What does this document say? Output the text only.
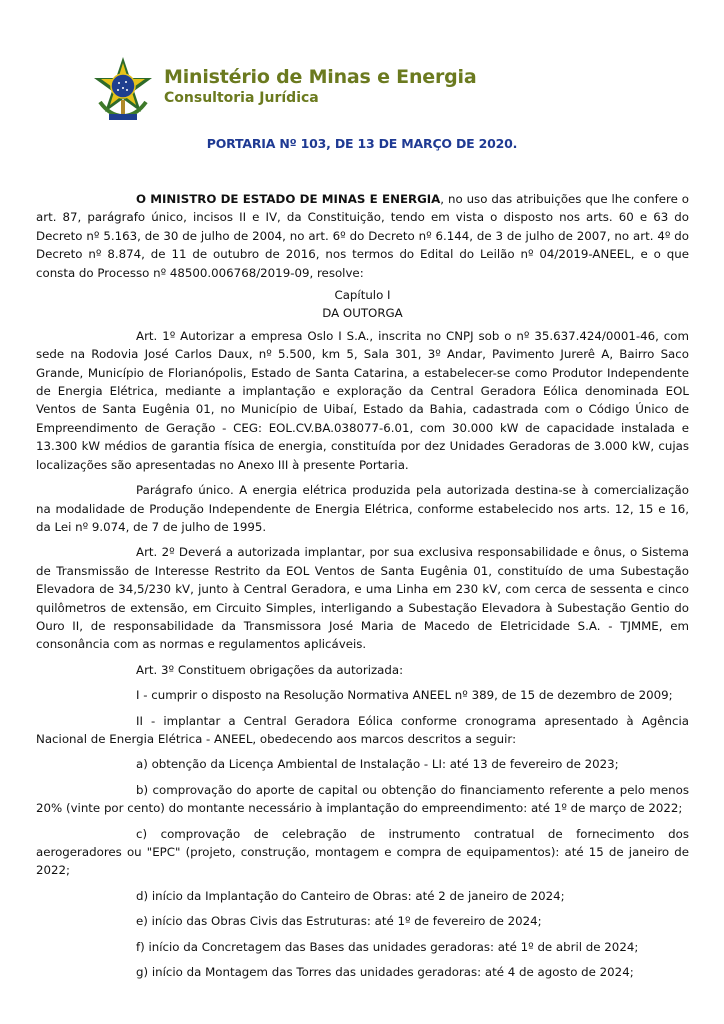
Ministério de Minas e Energia
Consultoria Jurídica
PORTARIA Nº 103, DE 13 DE MARÇO DE 2020.

O MINISTRO DE ESTADO DE MINAS E ENERGIA, no uso das atribuições que lhe confere o art. 87, parágrafo único, incisos II e IV, da Constituição, tendo em vista o disposto nos arts. 60 e 63 do Decreto nº 5.163, de 30 de julho de 2004, no art. 6º do Decreto nº 6.144, de 3 de julho de 2007, no art. 4º do Decreto nº 8.874, de 11 de outubro de 2016, nos termos do Edital do Leilão nº 04/2019-ANEEL, e o que consta do Processo nº 48500.006768/2019-09, resolve:

Capítulo I

DA OUTORGA

Art. 1º Autorizar a empresa Oslo I S.A., inscrita no CNPJ sob o nº 35.637.424/0001-46, com sede na Rodovia José Carlos Daux, nº 5.500, km 5, Sala 301, 3º Andar, Pavimento Jurerê A, Bairro Saco Grande, Município de Florianópolis, Estado de Santa Catarina, a estabelecer-se como Produtor Independente de Energia Elétrica, mediante a implantação e exploração da Central Geradora Eólica denominada EOL Ventos de Santa Eugênia 01, no Município de Uibaí, Estado da Bahia, cadastrada com o Código Único de Empreendimento de Geração - CEG: EOL.CV.BA.038077-6.01, com 30.000 kW de capacidade instalada e 13.300 kW médios de garantia física de energia, constituída por dez Unidades Geradoras de 3.000 kW, cujas localizações são apresentadas no Anexo III à presente Portaria.

Parágrafo único. A energia elétrica produzida pela autorizada destina-se à comercialização na modalidade de Produção Independente de Energia Elétrica, conforme estabelecido nos arts. 12, 15 e 16, da Lei nº 9.074, de 7 de julho de 1995.

Art. 2º Deverá a autorizada implantar, por sua exclusiva responsabilidade e ônus, o Sistema de Transmissão de Interesse Restrito da EOL Ventos de Santa Eugênia 01, constituído de uma Subestação Elevadora de 34,5/230 kV, junto à Central Geradora, e uma Linha em 230 kV, com cerca de sessenta e cinco quilômetros de extensão, em Circuito Simples, interligando a Subestação Elevadora à Subestação Gentio do Ouro II, de responsabilidade da Transmissora José Maria de Macedo de Eletricidade S.A. - TJMME, em consonância com as normas e regulamentos aplicáveis.

Art. 3º Constituem obrigações da autorizada:

I - cumprir o disposto na Resolução Normativa ANEEL nº 389, de 15 de dezembro de 2009;

II - implantar a Central Geradora Eólica conforme cronograma apresentado à Agência Nacional de Energia Elétrica - ANEEL, obedecendo aos marcos descritos a seguir:

a) obtenção da Licença Ambiental de Instalação - LI: até 13 de fevereiro de 2023;

b) comprovação do aporte de capital ou obtenção do financiamento referente a pelo menos 20% (vinte por cento) do montante necessário à implantação do empreendimento: até 1º de março de 2022;

c) comprovação de celebração de instrumento contratual de fornecimento dos aerogeradores ou "EPC" (projeto, construção, montagem e compra de equipamentos): até 15 de janeiro de 2022;

d) início da Implantação do Canteiro de Obras: até 2 de janeiro de 2024;

e) início das Obras Civis das Estruturas: até 1º de fevereiro de 2024;

f) início da Concretagem das Bases das unidades geradoras: até 1º de abril de 2024;

g) início da Montagem das Torres das unidades geradoras: até 4 de agosto de 2024;
